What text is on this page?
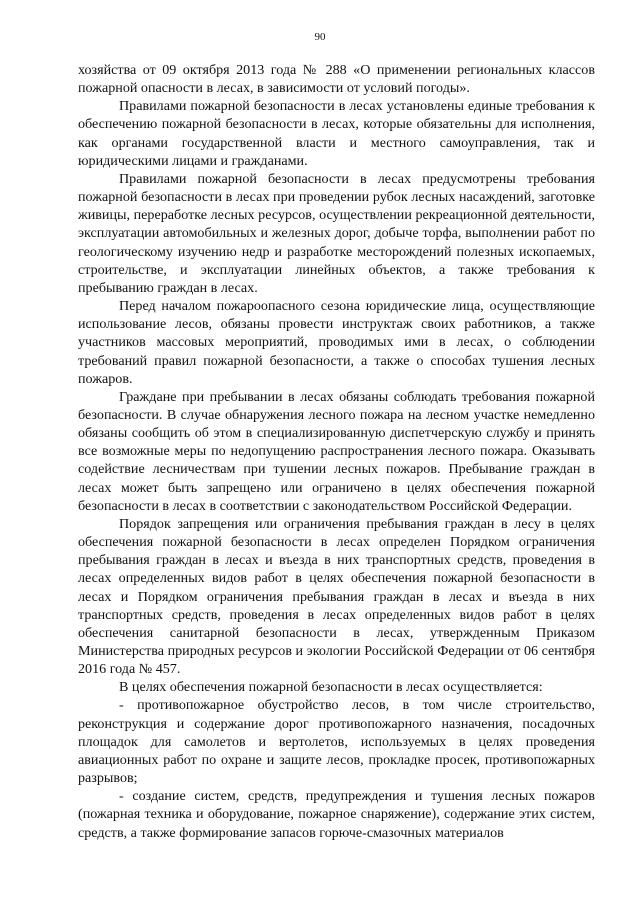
90

хозяйства от 09 октября 2013 года № 288 «О применении региональных классов пожарной опасности в лесах, в зависимости от условий погоды».

Правилами пожарной безопасности в лесах установлены единые требования к обеспечению пожарной безопасности в лесах, которые обязательны для исполнения, как органами государственной власти и местного самоуправления, так и юридическими лицами и гражданами.

Правилами пожарной безопасности в лесах предусмотрены требования пожарной безопасности в лесах при проведении рубок лесных насаждений, заготовке живицы, переработке лесных ресурсов, осуществлении рекреационной деятельности, эксплуатации автомобильных и железных дорог, добыче торфа, выполнении работ по геологическому изучению недр и разработке месторождений полезных ископаемых, строительстве, и эксплуатации линейных объектов, а также требования к пребыванию граждан в лесах.

Перед началом пожароопасного сезона юридические лица, осуществляющие использование лесов, обязаны провести инструктаж своих работников, а также участников массовых мероприятий, проводимых ими в лесах, о соблюдении требований правил пожарной безопасности, а также о способах тушения лесных пожаров.

Граждане при пребывании в лесах обязаны соблюдать требования пожарной безопасности. В случае обнаружения лесного пожара на лесном участке немедленно обязаны сообщить об этом в специализированную диспетчерскую службу и принять все возможные меры по недопущению распространения лесного пожара. Оказывать содействие лесничествам при тушении лесных пожаров. Пребывание граждан в лесах может быть запрещено или ограничено в целях обеспечения пожарной безопасности в лесах в соответствии с законодательством Российской Федерации.

Порядок запрещения или ограничения пребывания граждан в лесу в целях обеспечения пожарной безопасности в лесах определен Порядком ограничения пребывания граждан в лесах и въезда в них транспортных средств, проведения в лесах определенных видов работ в целях обеспечения пожарной безопасности в лесах и Порядком ограничения пребывания граждан в лесах и въезда в них транспортных средств, проведения в лесах определенных видов работ в целях обеспечения санитарной безопасности в лесах, утвержденным Приказом Министерства природных ресурсов и экологии Российской Федерации от 06 сентября 2016 года № 457.

В целях обеспечения пожарной безопасности в лесах осуществляется:

- противопожарное обустройство лесов, в том числе строительство, реконструкция и содержание дорог противопожарного назначения, посадочных площадок для самолетов и вертолетов, используемых в целях проведения авиационных работ по охране и защите лесов, прокладке просек, противопожарных разрывов;

- создание систем, средств, предупреждения и тушения лесных пожаров (пожарная техника и оборудование, пожарное снаряжение), содержание этих систем, средств, а также формирование запасов горюче-смазочных материалов
